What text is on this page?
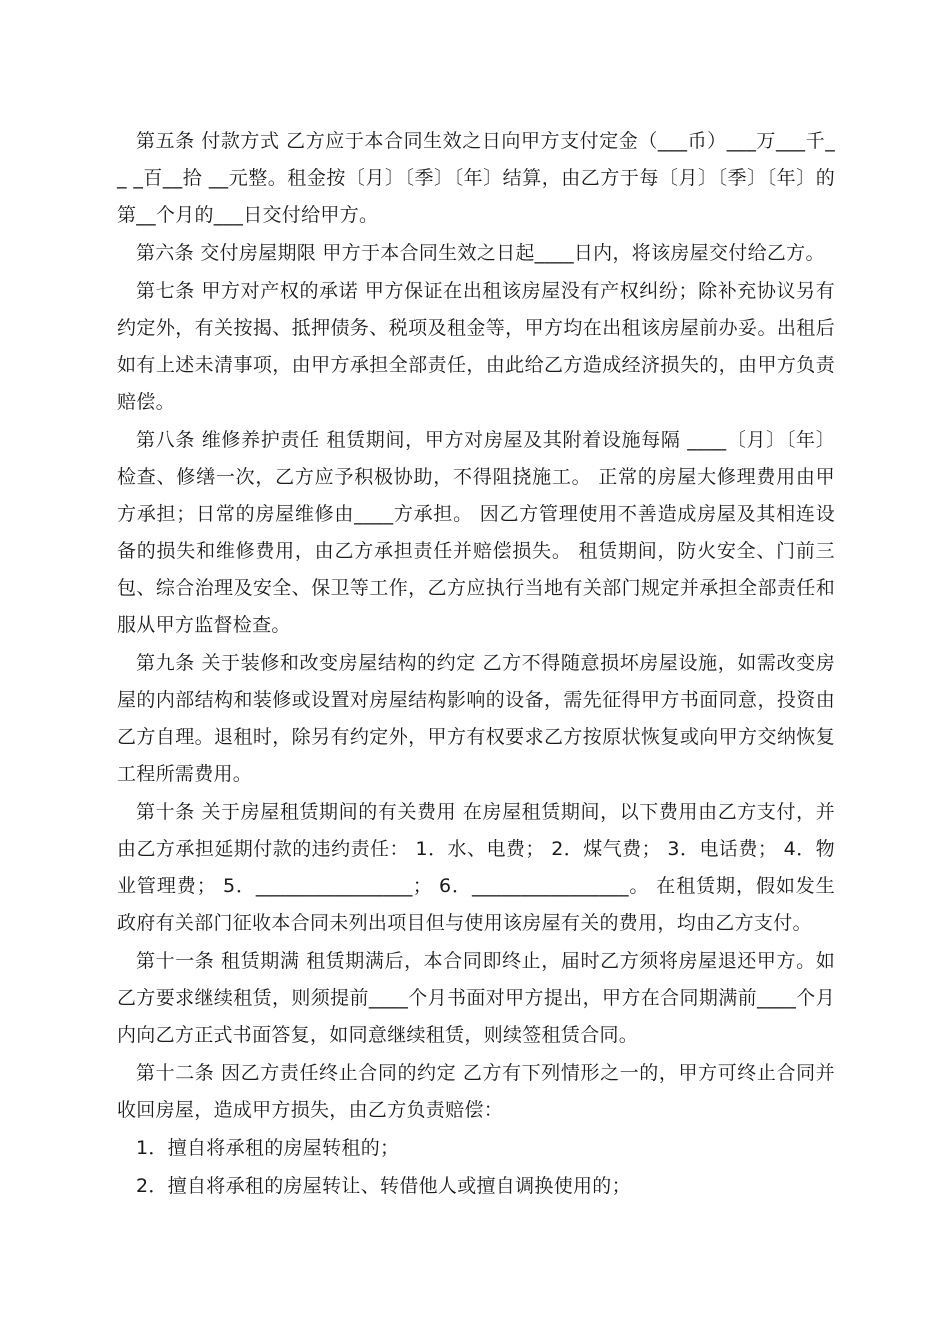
第五条 付款方式 乙方应于本合同生效之日向甲方支付定金（___币）___万___千__ _百__拾 __元整。租金按〔月〕〔季〕〔年〕结算，由乙方于每〔月〕〔季〕〔年〕的第__个月的___日交付给甲方。

第六条 交付房屋期限 甲方于本合同生效之日起____日内，将该房屋交付给乙方。

第七条 甲方对产权的承诺 甲方保证在出租该房屋没有产权纠纷；除补充协议另有约定外，有关按揭、抵押债务、税项及租金等，甲方均在出租该房屋前办妥。出租后如有上述未清事项，由甲方承担全部责任，由此给乙方造成经济损失的，由甲方负责赔偿。

第八条 维修养护责任 租赁期间，甲方对房屋及其附着设施每隔 ____〔月〕〔年〕检查、修缮一次，乙方应予积极协助，不得阻挠施工。 正常的房屋大修理费用由甲方承担；日常的房屋维修由____方承担。 因乙方管理使用不善造成房屋及其相连设备的损失和维修费用，由乙方承担责任并赔偿损失。 租赁期间，防火安全、门前三包、综合治理及安全、保卫等工作，乙方应执行当地有关部门规定并承担全部责任和服从甲方监督检查。

第九条 关于装修和改变房屋结构的约定 乙方不得随意损坏房屋设施，如需改变房屋的内部结构和装修或设置对房屋结构影响的设备，需先征得甲方书面同意，投资由乙方自理。退租时，除另有约定外，甲方有权要求乙方按原状恢复或向甲方交纳恢复工程所需费用。

第十条 关于房屋租赁期间的有关费用 在房屋租赁期间，以下费用由乙方支付，并由乙方承担延期付款的违约责任： 1．水、电费； 2．煤气费； 3．电话费； 4．物业管理费； 5．________________； 6．________________。 在租赁期，假如发生政府有关部门征收本合同未列出项目但与使用该房屋有关的费用，均由乙方支付。

第十一条 租赁期满 租赁期满后，本合同即终止，届时乙方须将房屋退还甲方。如乙方要求继续租赁，则须提前____个月书面对甲方提出，甲方在合同期满前____个月内向乙方正式书面答复，如同意继续租赁，则续签租赁合同。

第十二条 因乙方责任终止合同的约定 乙方有下列情形之一的，甲方可终止合同并收回房屋，造成甲方损失，由乙方负责赔偿：

1．擅自将承租的房屋转租的；

2．擅自将承租的房屋转让、转借他人或擅自调换使用的；
